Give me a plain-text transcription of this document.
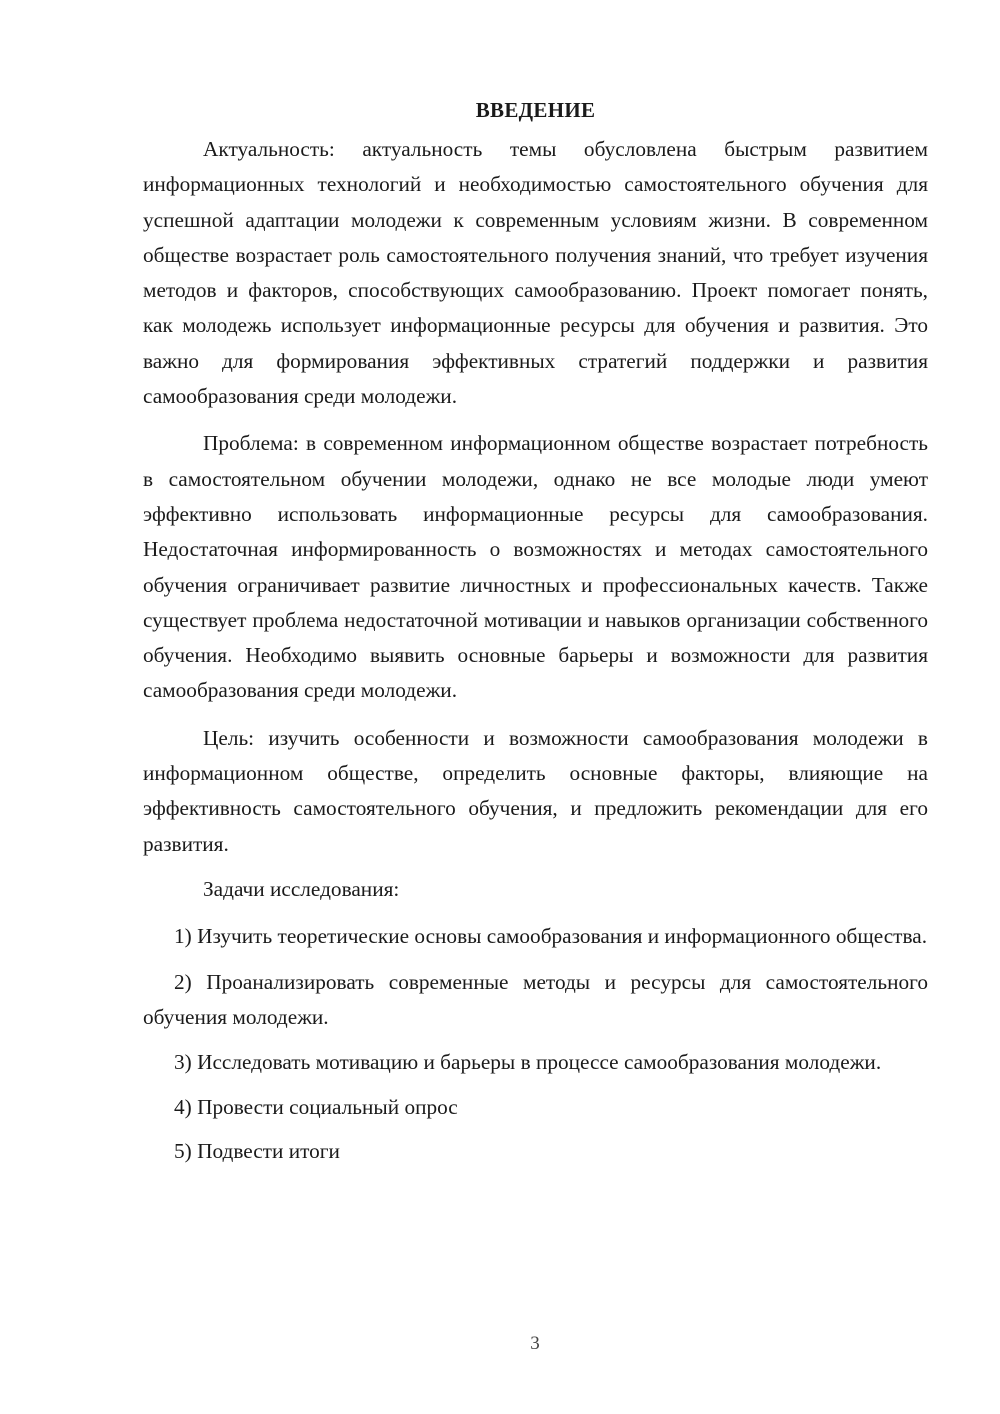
ВВЕДЕНИЕ

Актуальность: актуальность темы обусловлена быстрым развитием информационных технологий и необходимостью самостоятельного обучения для успешной адаптации молодежи к современным условиям жизни. В современном обществе возрастает роль самостоятельного получения знаний, что требует изучения методов и факторов, способствующих самообразованию. Проект помогает понять, как молодежь использует информационные ресурсы для обучения и развития. Это важно для формирования эффективных стратегий поддержки и развития самообразования среди молодежи.

Проблема: в современном информационном обществе возрастает потребность в самостоятельном обучении молодежи, однако не все молодые люди умеют эффективно использовать информационные ресурсы для самообразования. Недостаточная информированность о возможностях и методах самостоятельного обучения ограничивает развитие личностных и профессиональных качеств. Также существует проблема недостаточной мотивации и навыков организации собственного обучения. Необходимо выявить основные барьеры и возможности для развития самообразования среди молодежи.

Цель: изучить особенности и возможности самообразования молодежи в информационном обществе, определить основные факторы, влияющие на эффективность самостоятельного обучения, и предложить рекомендации для его развития.

Задачи исследования:

1) Изучить теоретические основы самообразования и информационного общества.

2) Проанализировать современные методы и ресурсы для самостоятельного обучения молодежи.

3) Исследовать мотивацию и барьеры в процессе самообразования молодежи.

4) Провести социальный опрос

5) Подвести итоги

3
